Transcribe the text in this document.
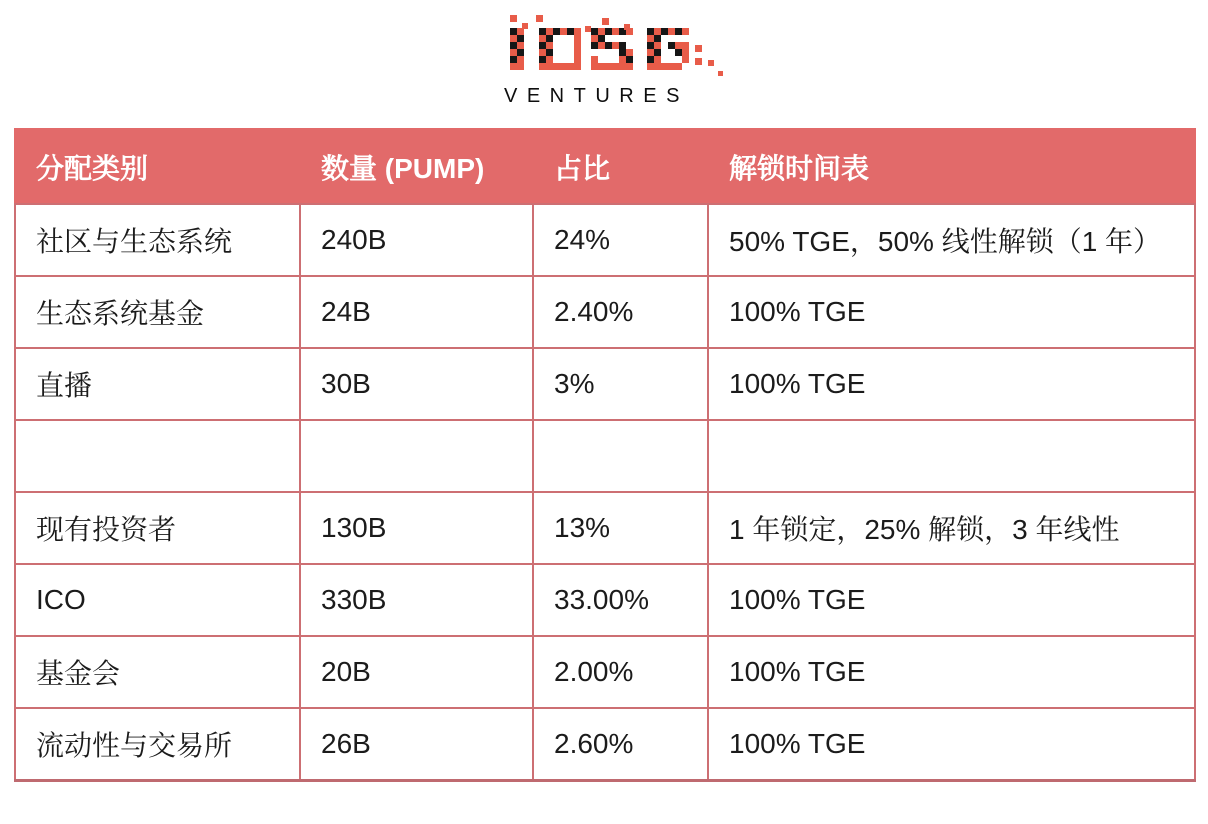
VENTURES
分配类别	数量 (PUMP)	占比	解锁时间表
社区与生态系统	240B	24%	50% TGE，50% 线性解锁（1 年）
生态系统基金	24B	2.40%	100% TGE
直播	30B	3%	100% TGE

现有投资者	130B	13%	1 年锁定，25% 解锁，3 年线性
ICO	330B	33.00%	100% TGE
基金会	20B	2.00%	100% TGE
流动性与交易所	26B	2.60%	100% TGE
